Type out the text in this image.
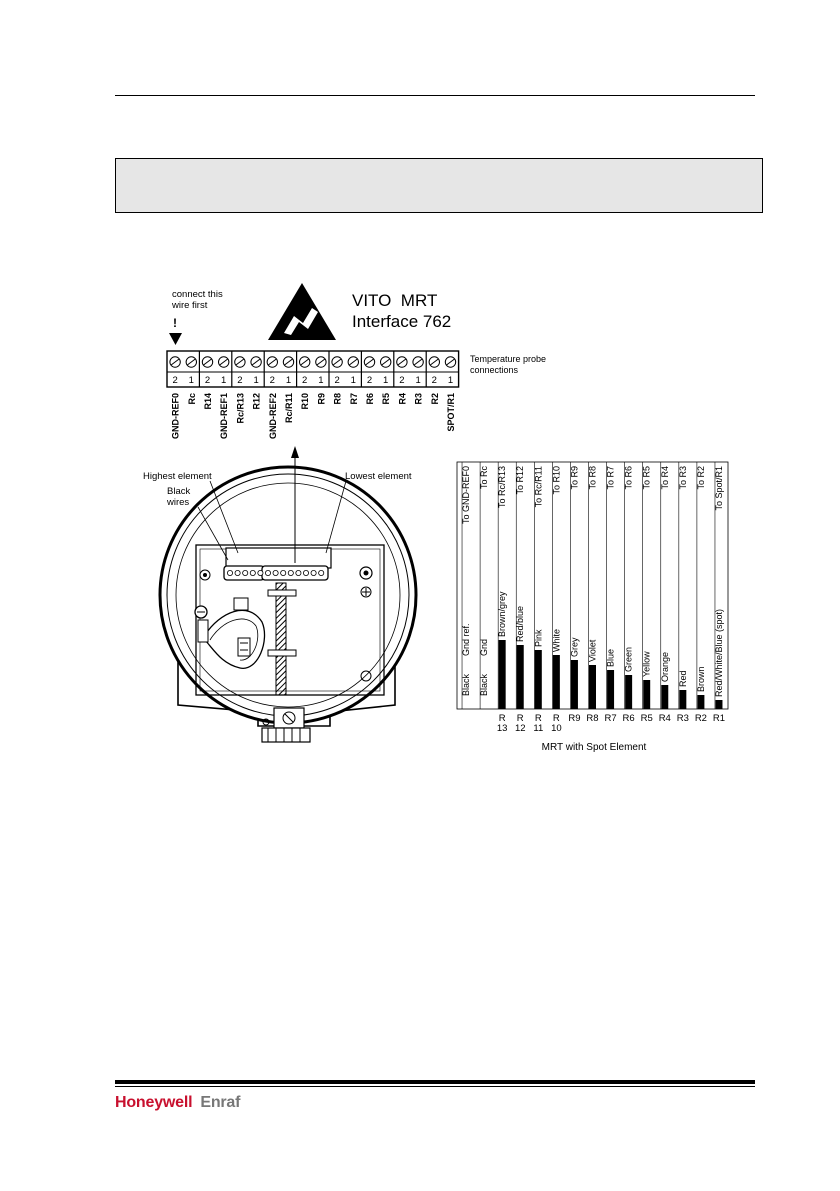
VITO  MRT
Interface 762
connect this
wire first
!
2
GND-REF0
1
Rc
2
R14
1
GND-REF1
2
Rc/R13
1
R12
2
GND-REF2
1
Rc/R11
2
R10
1
R9
2
R8
1
R7
2
R6
1
R5
2
R4
1
R3
2
R2
1
SPOT/R1
Temperature probe
connections
Highest element	Lowest element
Black
wires	To GND-REF0
Black
Gnd ref.
To Rc
Black
Gnd
To Rc/R13
Brown/grey
R
13
To R12
Red/blue
R
12
To Rc/R11
Pink
R
11
To R10
White
R
10
To R9
Grey
R9
To R8
Violet
R8
To R7
Blue
R7
To R6
Green
R6
To R5
Yellow
R5
To R4
Orange
R4
To R3
Red
R3
To R2
Brown
R2
To Spot/R1
Red/White/Blue (spot)
R1
MRT with Spot Element
Honeywell Enraf
